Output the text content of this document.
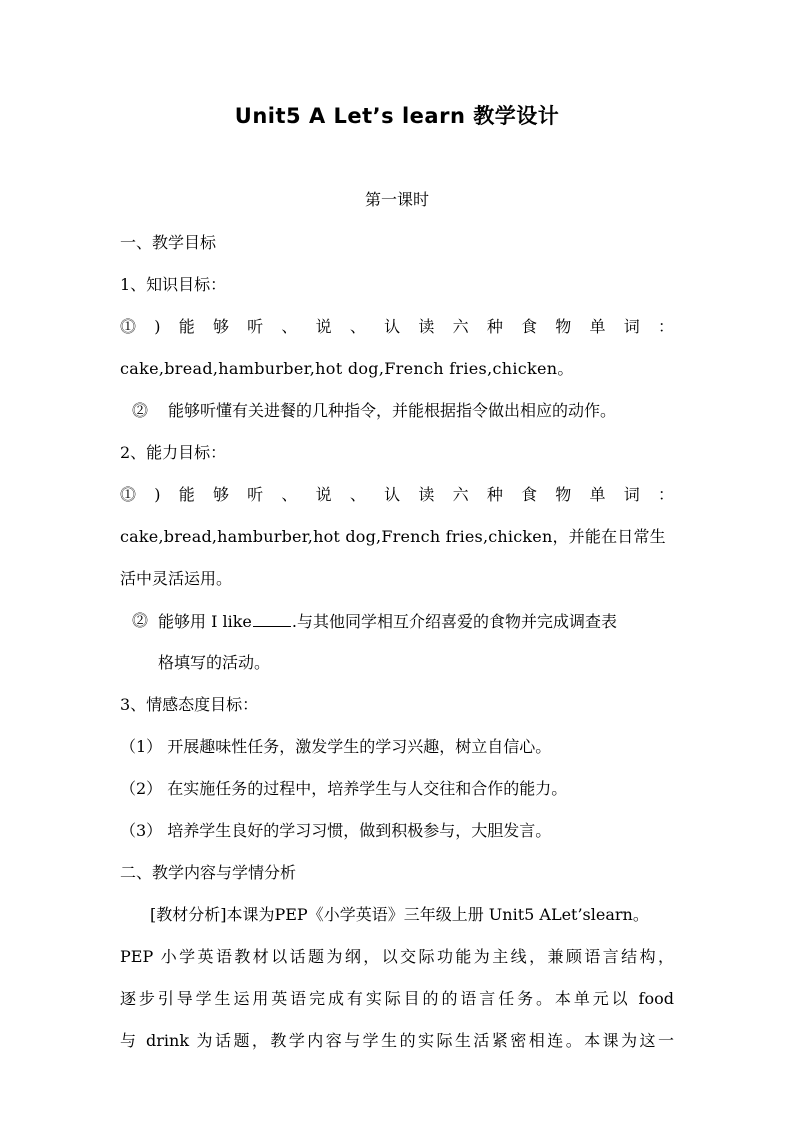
Unit5 A Let’s learn 教学设计
第一课时
一、教学目标
1、知识目标：
⓵ ) 能 够 听 、 说 、 认 读 六 种 食 物 单 词 ：
cake,bread,hamburber,hot dog,French fries,chicken。
⓶ 能够听懂有关进餐的几种指令，并能根据指令做出相应的动作。
2、能力目标：
⓵ ) 能 够 听 、 说 、 认 读 六 种 食 物 单 词 ：
cake,bread,hamburber,hot dog,French fries,chicken，并能在日常生
活中灵活运用。
⓶ 能够用 I like	.与其他同学相互介绍喜爱的食物并完成调查表
格填写的活动。
3、情感态度目标：
（1） 开展趣味性任务，激发学生的学习兴趣，树立自信心。
（2） 在实施任务的过程中，培养学生与人交往和合作的能力。
（3） 培养学生良好的学习习惯，做到积极参与，大胆发言。
二、教学内容与学情分析
[教材分析]本课为PEP《小学英语》三年级上册 Unit5 ALet’slearn。
PEP 小学英语教材以话题为纲，以交际功能为主线，兼顾语言结构，
逐步引导学生运用英语完成有实际目的的语言任务。本单元以 food
与 drink 为话题，教学内容与学生的实际生活紧密相连。本课为这一
